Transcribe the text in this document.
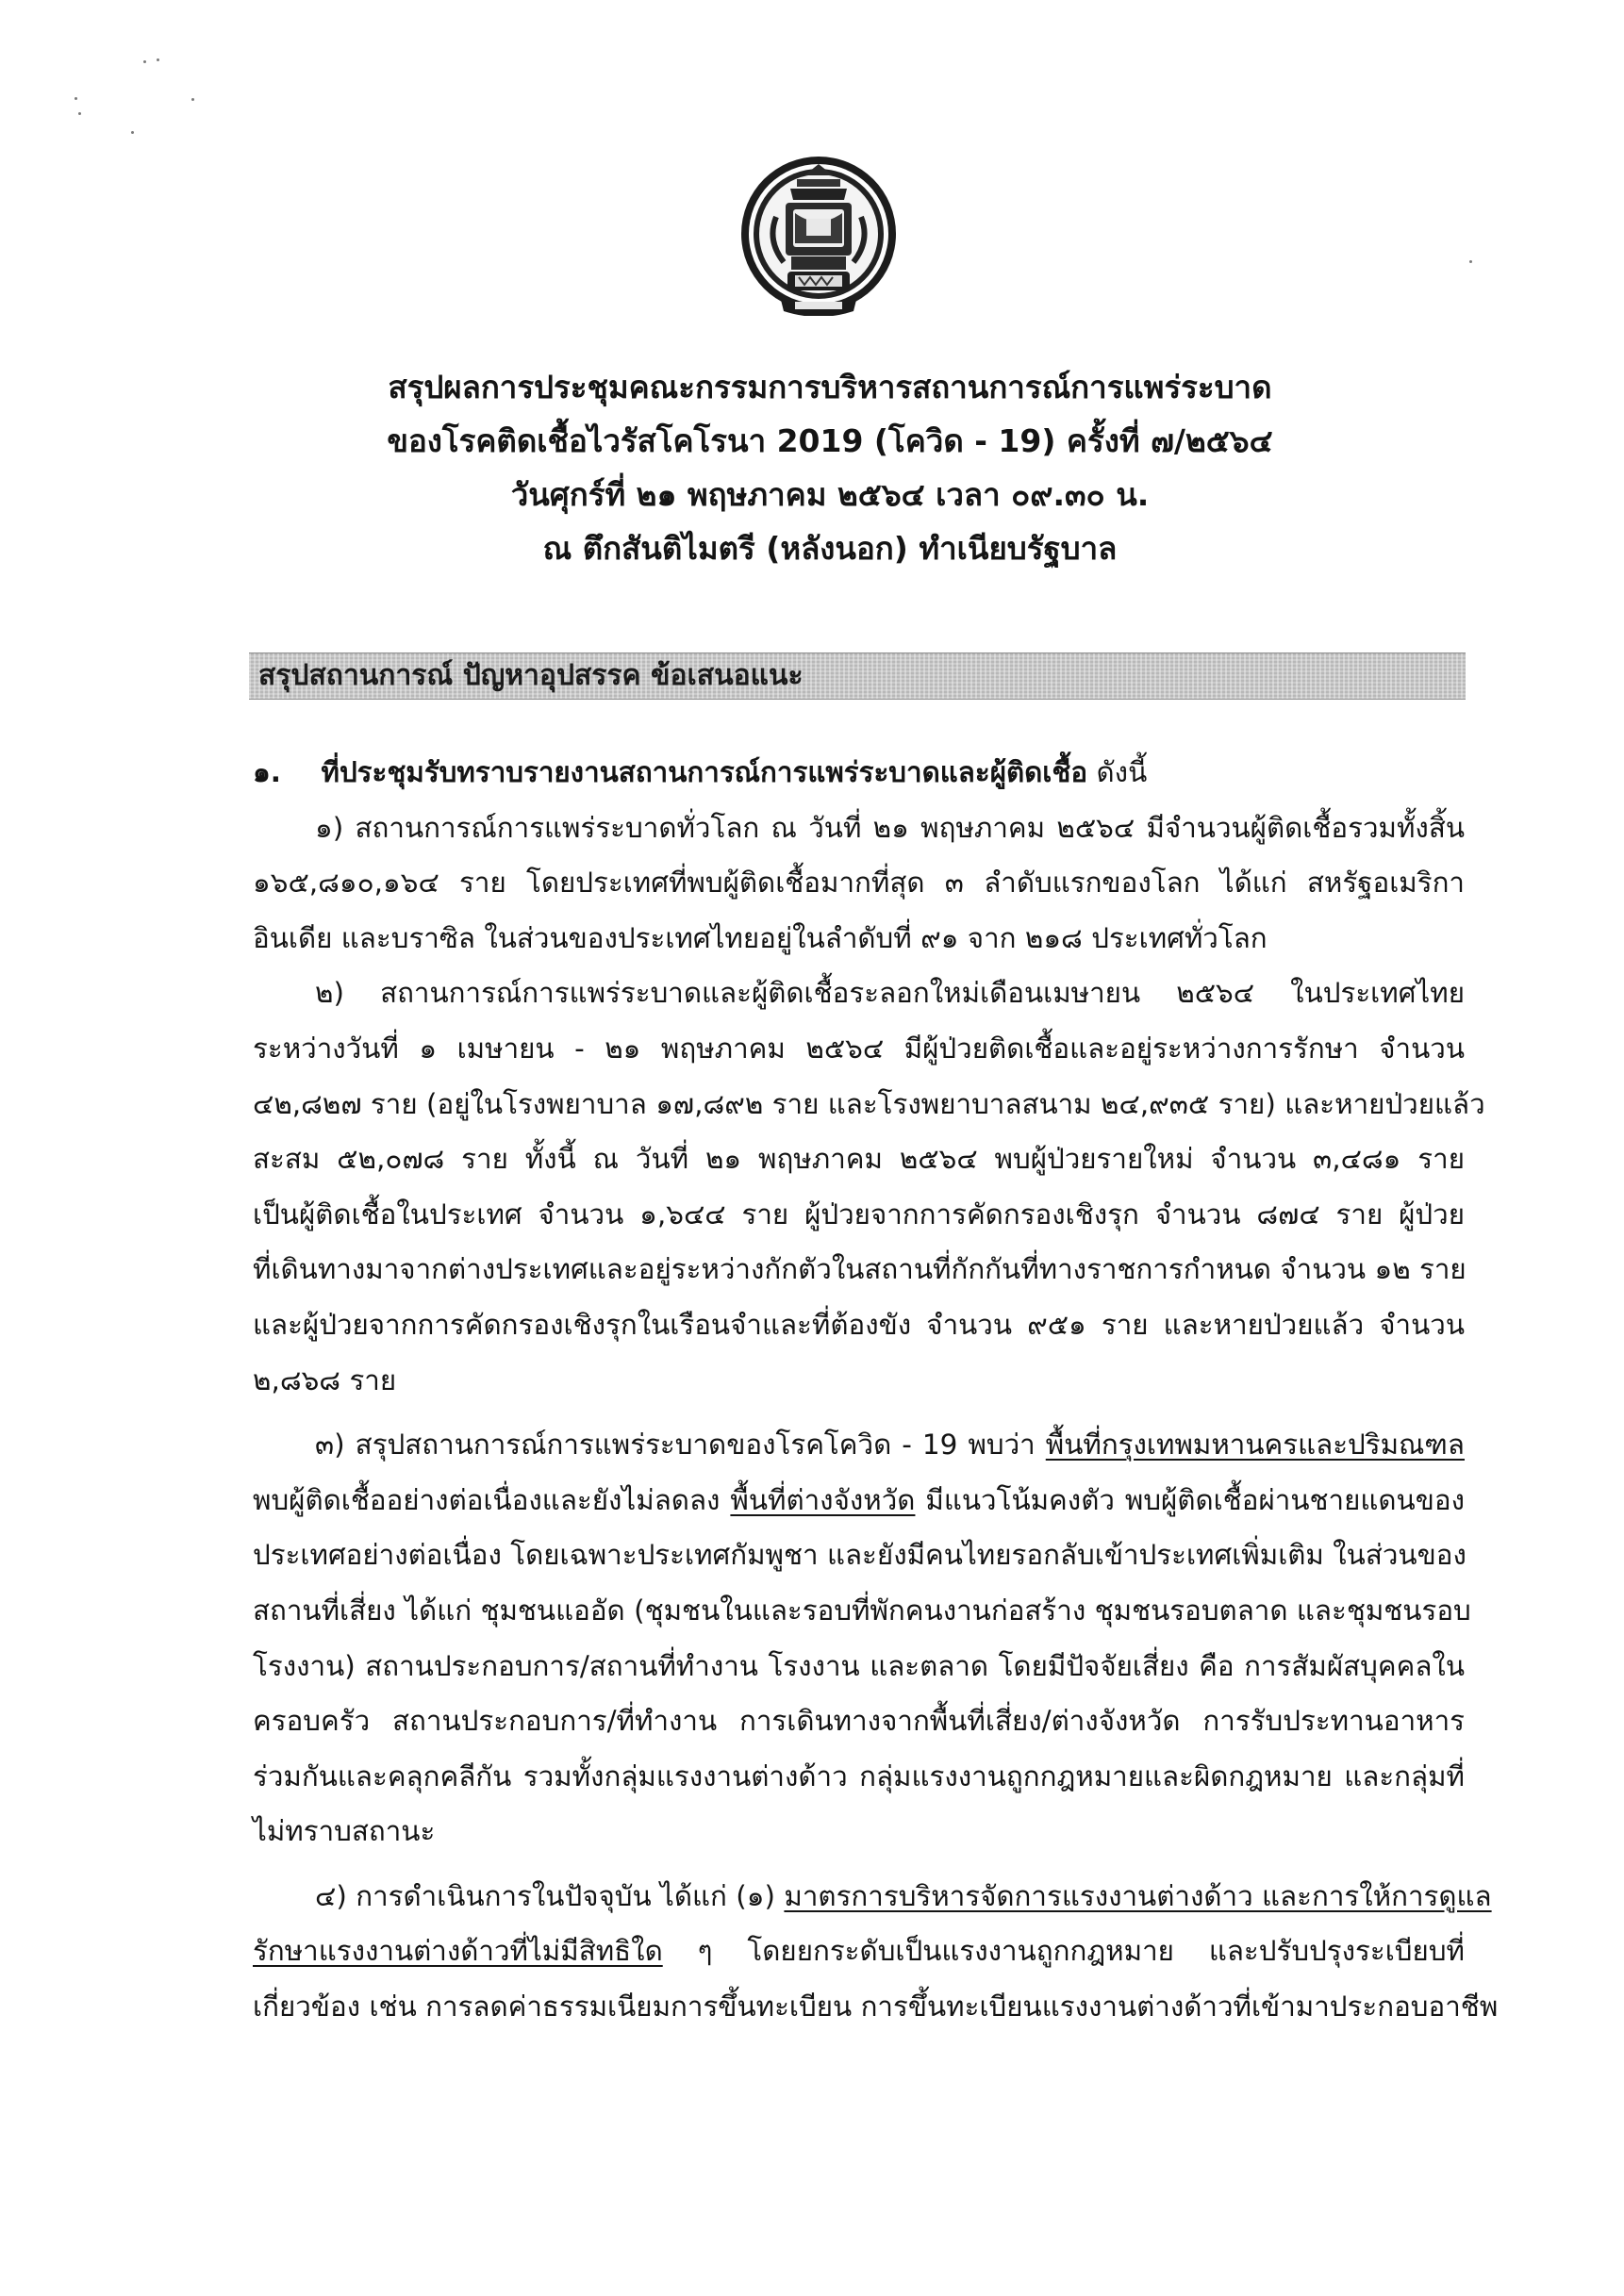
สรุปผลการประชุมคณะกรรมการบริหารสถานการณ์การแพร่ระบาด
ของโรคติดเชื้อไวรัสโคโรนา 2019 (โควิด - 19) ครั้งที่ ๗/๒๕๖๔
วันศุกร์ที่ ๒๑ พฤษภาคม ๒๕๖๔ เวลา ๐๙.๓๐ น.
ณ ตึกสันติไมตรี (หลังนอก) ทำเนียบรัฐบาล
สรุปสถานการณ์ ปัญหาอุปสรรค ข้อเสนอแนะ
๑. ที่ประชุมรับทราบรายงานสถานการณ์การแพร่ระบาดและผู้ติดเชื้อ ดังนี้
๑) สถานการณ์การแพร่ระบาดทั่วโลก ณ วันที่ ๒๑ พฤษภาคม ๒๕๖๔ มีจำนวนผู้ติดเชื้อรวมทั้งสิ้น
๑๖๕,๘๑๐,๑๖๔ ราย โดยประเทศที่พบผู้ติดเชื้อมากที่สุด ๓ ลำดับแรกของโลก ได้แก่ สหรัฐอเมริกา
อินเดีย และบราซิล ในส่วนของประเทศไทยอยู่ในลำดับที่ ๙๑ จาก ๒๑๘ ประเทศทั่วโลก
๒) สถานการณ์การแพร่ระบาดและผู้ติดเชื้อระลอกใหม่เดือนเมษายน ๒๕๖๔ ในประเทศไทย
ระหว่างวันที่ ๑ เมษายน - ๒๑ พฤษภาคม ๒๕๖๔ มีผู้ป่วยติดเชื้อและอยู่ระหว่างการรักษา จำนวน
๔๒,๘๒๗ ราย (อยู่ในโรงพยาบาล ๑๗,๘๙๒ ราย และโรงพยาบาลสนาม ๒๔,๙๓๕ ราย) และหายป่วยแล้ว
สะสม ๕๒,๐๗๘ ราย ทั้งนี้ ณ วันที่ ๒๑ พฤษภาคม ๒๕๖๔ พบผู้ป่วยรายใหม่ จำนวน ๓,๔๘๑ ราย
เป็นผู้ติดเชื้อในประเทศ จำนวน ๑,๖๔๔ ราย ผู้ป่วยจากการคัดกรองเชิงรุก จำนวน ๘๗๔ ราย ผู้ป่วย
ที่เดินทางมาจากต่างประเทศและอยู่ระหว่างกักตัวในสถานที่กักกันที่ทางราชการกำหนด จำนวน ๑๒ ราย
และผู้ป่วยจากการคัดกรองเชิงรุกในเรือนจำและที่ต้องขัง จำนวน ๙๕๑ ราย และหายป่วยแล้ว จำนวน
๒,๘๖๘ ราย
๓) สรุปสถานการณ์การแพร่ระบาดของโรคโควิด - 19 พบว่า พื้นที่กรุงเทพมหานครและปริมณฑล
พบผู้ติดเชื้ออย่างต่อเนื่องและยังไม่ลดลง พื้นที่ต่างจังหวัด มีแนวโน้มคงตัว พบผู้ติดเชื้อผ่านชายแดนของ
ประเทศอย่างต่อเนื่อง โดยเฉพาะประเทศกัมพูชา และยังมีคนไทยรอกลับเข้าประเทศเพิ่มเติม ในส่วนของ
สถานที่เสี่ยง ได้แก่ ชุมชนแออัด (ชุมชนในและรอบที่พักคนงานก่อสร้าง ชุมชนรอบตลาด และชุมชนรอบ
โรงงาน) สถานประกอบการ/สถานที่ทำงาน โรงงาน และตลาด โดยมีปัจจัยเสี่ยง คือ การสัมผัสบุคคลใน
ครอบครัว สถานประกอบการ/ที่ทำงาน การเดินทางจากพื้นที่เสี่ยง/ต่างจังหวัด การรับประทานอาหาร
ร่วมกันและคลุกคลีกัน รวมทั้งกลุ่มแรงงานต่างด้าว กลุ่มแรงงานถูกกฎหมายและผิดกฎหมาย และกลุ่มที่
ไม่ทราบสถานะ
๔) การดำเนินการในปัจจุบัน ได้แก่ (๑) มาตรการบริหารจัดการแรงงานต่างด้าว และการให้การดูแล
รักษาแรงงานต่างด้าวที่ไม่มีสิทธิใด ๆ โดยยกระดับเป็นแรงงานถูกกฎหมาย และปรับปรุงระเบียบที่
เกี่ยวข้อง เช่น การลดค่าธรรมเนียมการขึ้นทะเบียน การขึ้นทะเบียนแรงงานต่างด้าวที่เข้ามาประกอบอาชีพ
